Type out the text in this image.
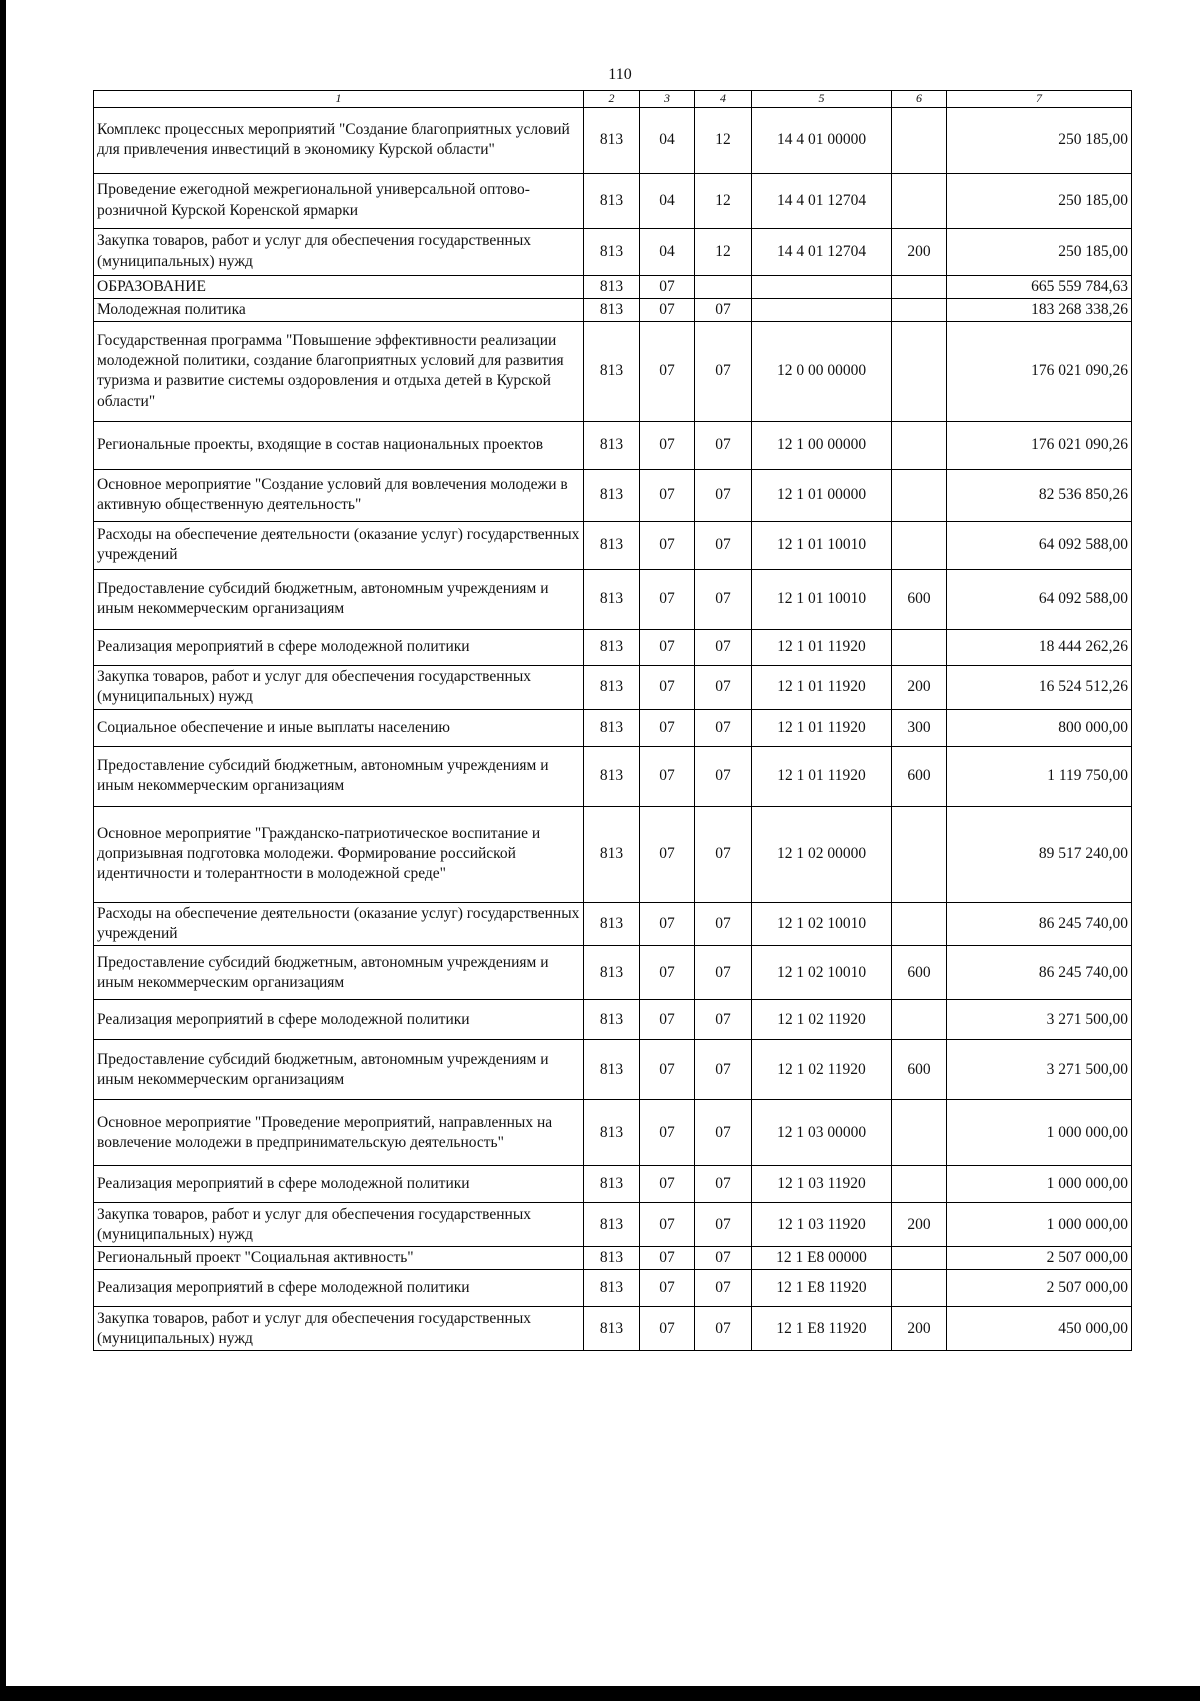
110
1	2	3	4	5	6	7
Комплекс процессных мероприятий "Создание благоприятных условий для привлечения инвестиций в экономику Курской области"	813	04	12	14 4 01 00000		250 185,00
Проведение ежегодной межрегиональной универсальной оптово-розничной Курской Коренской ярмарки	813	04	12	14 4 01 12704		250 185,00
Закупка товаров, работ и услуг для обеспечения государственных (муниципальных) нужд	813	04	12	14 4 01 12704	200	250 185,00
ОБРАЗОВАНИЕ	813	07				665 559 784,63
Молодежная политика	813	07	07			183 268 338,26
Государственная программа "Повышение эффективности реализации молодежной политики, создание благоприятных условий для развития туризма и развитие системы оздоровления и отдыха детей в Курской области"	813	07	07	12 0 00 00000		176 021 090,26
Региональные проекты, входящие в состав национальных проектов	813	07	07	12 1 00 00000		176 021 090,26
Основное мероприятие "Создание условий для вовлечения молодежи в активную общественную деятельность"	813	07	07	12 1 01 00000		82 536 850,26
Расходы на обеспечение деятельности (оказание услуг) государственных учреждений	813	07	07	12 1 01 10010		64 092 588,00
Предоставление субсидий бюджетным, автономным учреждениям и иным некоммерческим организациям	813	07	07	12 1 01 10010	600	64 092 588,00
Реализация мероприятий в сфере молодежной политики	813	07	07	12 1 01 11920		18 444 262,26
Закупка товаров, работ и услуг для обеспечения государственных (муниципальных) нужд	813	07	07	12 1 01 11920	200	16 524 512,26
Социальное обеспечение и иные выплаты населению	813	07	07	12 1 01 11920	300	800 000,00
Предоставление субсидий бюджетным, автономным учреждениям и иным некоммерческим организациям	813	07	07	12 1 01 11920	600	1 119 750,00
Основное мероприятие "Гражданско-патриотическое воспитание и допризывная подготовка молодежи. Формирование российской идентичности и толерантности в молодежной среде"	813	07	07	12 1 02 00000		89 517 240,00
Расходы на обеспечение деятельности (оказание услуг) государственных учреждений	813	07	07	12 1 02 10010		86 245 740,00
Предоставление субсидий бюджетным, автономным учреждениям и иным некоммерческим организациям	813	07	07	12 1 02 10010	600	86 245 740,00
Реализация мероприятий в сфере молодежной политики	813	07	07	12 1 02 11920		3 271 500,00
Предоставление субсидий бюджетным, автономным учреждениям и иным некоммерческим организациям	813	07	07	12 1 02 11920	600	3 271 500,00
Основное мероприятие "Проведение мероприятий, направленных на вовлечение молодежи в предпринимательскую деятельность"	813	07	07	12 1 03 00000		1 000 000,00
Реализация мероприятий в сфере молодежной политики	813	07	07	12 1 03 11920		1 000 000,00
Закупка товаров, работ и услуг для обеспечения государственных (муниципальных) нужд	813	07	07	12 1 03 11920	200	1 000 000,00
Региональный проект "Социальная активность"	813	07	07	12 1 E8 00000		2 507 000,00
Реализация мероприятий в сфере молодежной политики	813	07	07	12 1 E8 11920		2 507 000,00
Закупка товаров, работ и услуг для обеспечения государственных (муниципальных) нужд	813	07	07	12 1 E8 11920	200	450 000,00
